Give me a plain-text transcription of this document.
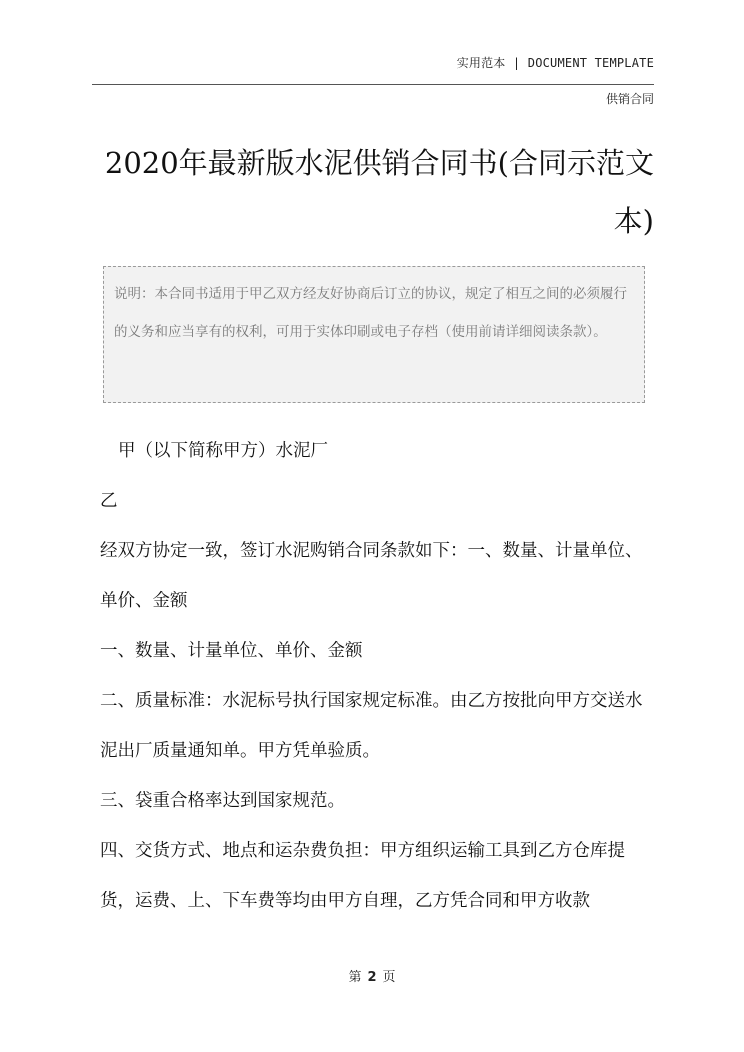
实用范本 | DOCUMENT TEMPLATE
供销合同
2020年最新版水泥供销合同书(合同示范文本)
说明：本合同书适用于甲乙双方经友好协商后订立的协议，规定了相互之间的必须履行的义务和应当享有的权利，可用于实体印刷或电子存档（使用前请详细阅读条款）。

甲（以下简称甲方）水泥厂

乙

经双方协定一致，签订水泥购销合同条款如下：一、数量、计量单位、单价、金额

一、数量、计量单位、单价、金额

二、质量标准：水泥标号执行国家规定标准。由乙方按批向甲方交送水泥出厂质量通知单。甲方凭单验质。

三、袋重合格率达到国家规范。

四、交货方式、地点和运杂费负担：甲方组织运输工具到乙方仓库提货，运费、上、下车费等均由甲方自理，乙方凭合同和甲方收款

第 2 页
